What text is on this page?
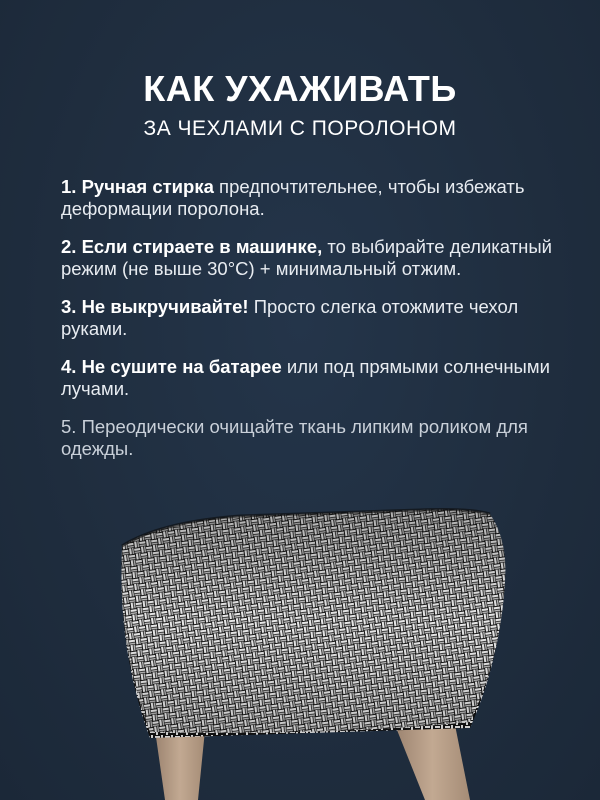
КАК УХАЖИВАТЬ
ЗА ЧЕХЛАМИ С ПОРОЛОНОМ
1. Ручная стирка предпочтительнее, чтобы избежать деформации поролона.
2. Если стираете в машинке, то выбирайте деликатный режим (не выше 30°C) + минимальный отжим.
3. Не выкручивайте! Просто слегка отожмите чехол руками.
4. Не сушите на батарее или под прямыми солнечными лучами.
5. Переодически очищайте ткань липким роликом для одежды.
